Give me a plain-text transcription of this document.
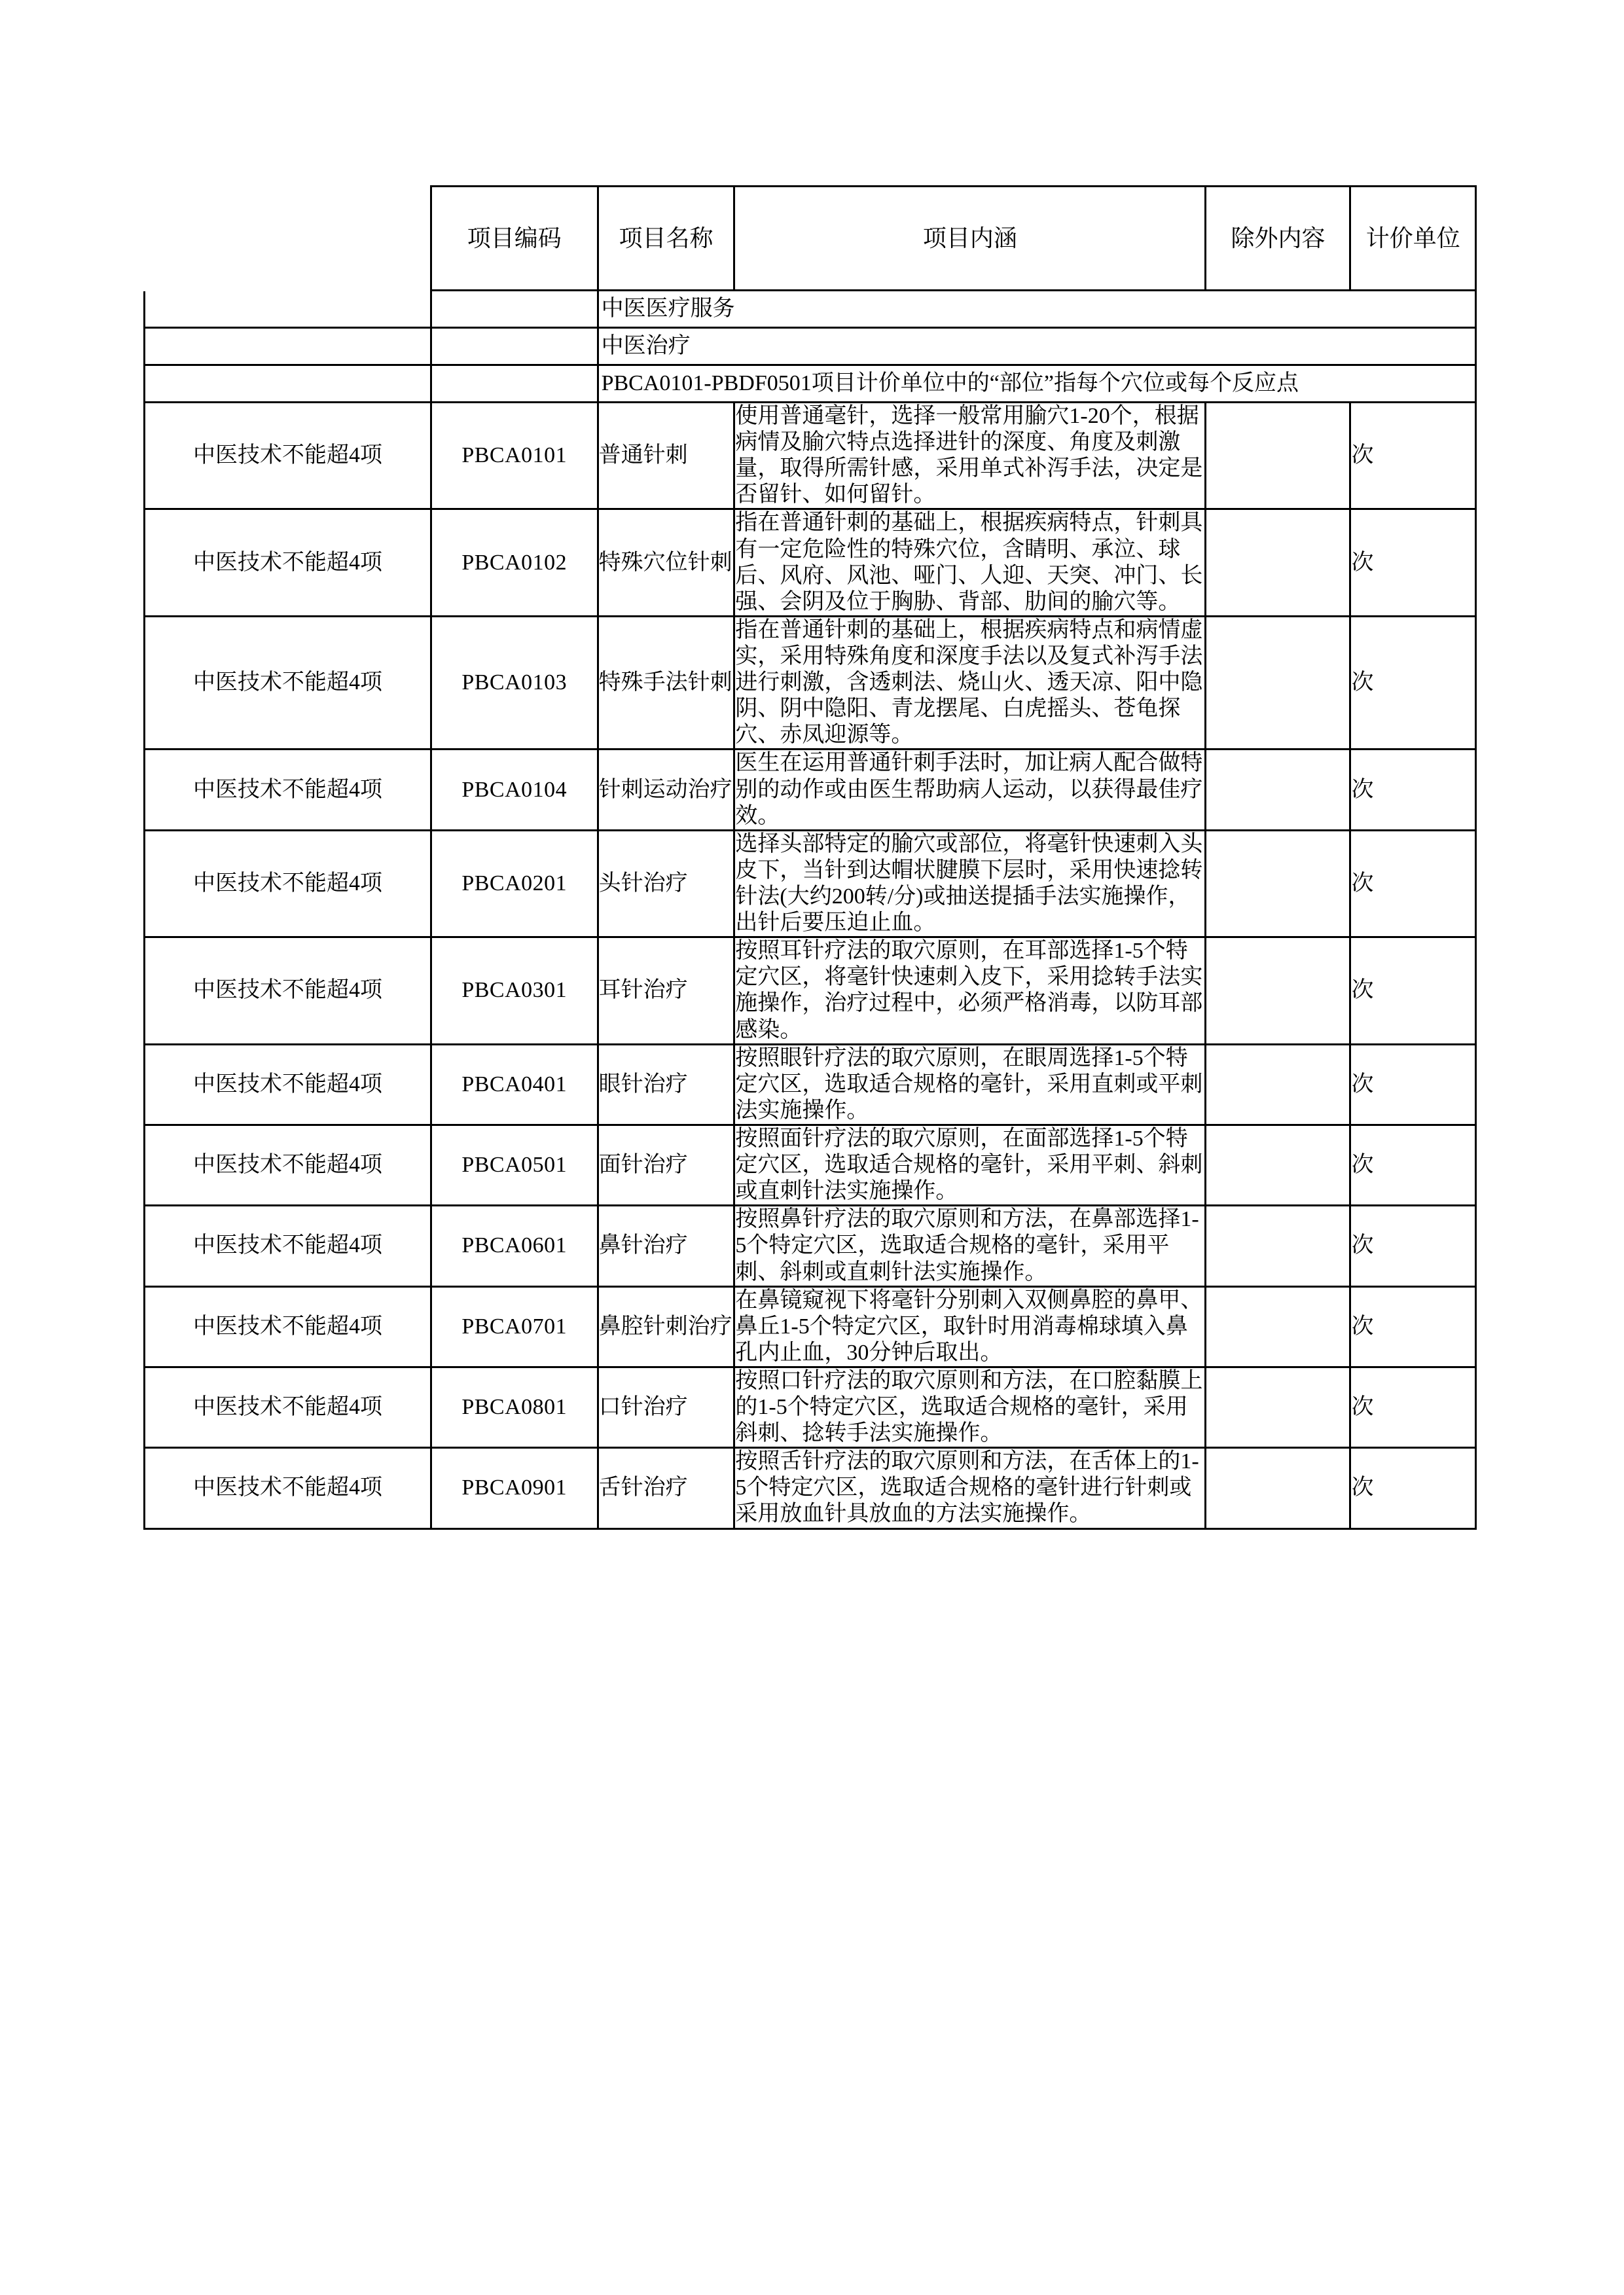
	项目编码	项目名称	项目内涵	除外内容	计价单位
		中医医疗服务			
		中医治疗			
		PBCA0101-PBDF0501项目计价单位中的“部位”指每个穴位或每个反应点			
中医技术不能超4项	PBCA0101	普通针刺	使用普通毫针，选择一般常用腧穴1-20个，根据病情及腧穴特点选择进针的深度、角度及刺激量，取得所需针感，采用单式补泻手法，决定是否留针、如何留针。		次
中医技术不能超4项	PBCA0102	特殊穴位针刺	指在普通针刺的基础上，根据疾病特点，针刺具有一定危险性的特殊穴位，含睛明、承泣、球后、风府、风池、哑门、人迎、天突、冲门、长强、会阴及位于胸胁、背部、肋间的腧穴等。		次
中医技术不能超4项	PBCA0103	特殊手法针刺	指在普通针刺的基础上，根据疾病特点和病情虚实，采用特殊角度和深度手法以及复式补泻手法进行刺激，含透刺法、烧山火、透天凉、阳中隐阴、阴中隐阳、青龙摆尾、白虎摇头、苍龟探穴、赤凤迎源等。		次
中医技术不能超4项	PBCA0104	针刺运动治疗	医生在运用普通针刺手法时，加让病人配合做特别的动作或由医生帮助病人运动，以获得最佳疗效。		次
中医技术不能超4项	PBCA0201	头针治疗	选择头部特定的腧穴或部位，将毫针快速刺入头皮下，当针到达帽状腱膜下层时，采用快速捻转针法(大约200转/分)或抽送提插手法实施操作，出针后要压迫止血。		次
中医技术不能超4项	PBCA0301	耳针治疗	按照耳针疗法的取穴原则，在耳部选择1-5个特定穴区，将毫针快速刺入皮下，采用捻转手法实施操作，治疗过程中，必须严格消毒，以防耳部感染。		次
中医技术不能超4项	PBCA0401	眼针治疗	按照眼针疗法的取穴原则，在眼周选择1-5个特定穴区，选取适合规格的毫针，采用直刺或平刺法实施操作。		次
中医技术不能超4项	PBCA0501	面针治疗	按照面针疗法的取穴原则，在面部选择1-5个特定穴区，选取适合规格的毫针，采用平刺、斜刺或直刺针法实施操作。		次
中医技术不能超4项	PBCA0601	鼻针治疗	按照鼻针疗法的取穴原则和方法，在鼻部选择1-5个特定穴区，选取适合规格的毫针，采用平刺、斜刺或直刺针法实施操作。		次
中医技术不能超4项	PBCA0701	鼻腔针刺治疗	在鼻镜窥视下将毫针分别刺入双侧鼻腔的鼻甲、鼻丘1-5个特定穴区，取针时用消毒棉球填入鼻孔内止血，30分钟后取出。		次
中医技术不能超4项	PBCA0801	口针治疗	按照口针疗法的取穴原则和方法，在口腔黏膜上的1-5个特定穴区，选取适合规格的毫针，采用斜刺、捻转手法实施操作。		次
中医技术不能超4项	PBCA0901	舌针治疗	按照舌针疗法的取穴原则和方法，在舌体上的1-5个特定穴区，选取适合规格的毫针进行针刺或采用放血针具放血的方法实施操作。		次
